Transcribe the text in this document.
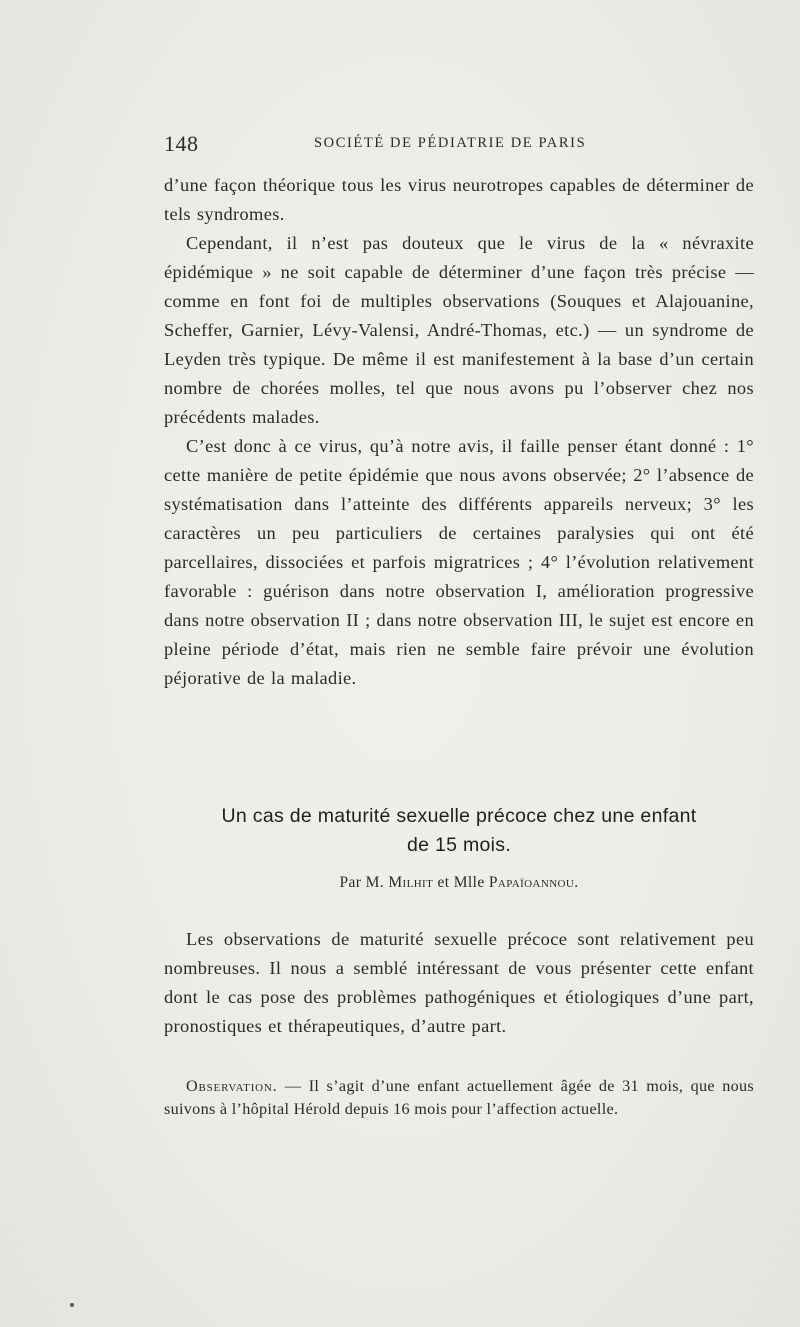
148	SOCIÉTÉ DE PÉDIATRIE DE PARIS

d’une façon théorique tous les virus neurotropes capables de déterminer de tels syndromes.

Cependant, il n’est pas douteux que le virus de la « névraxite épidémique » ne soit capable de déterminer d’une façon très précise — comme en font foi de multiples observations (Souques et Alajouanine, Scheffer, Garnier, Lévy-Valensi, André-Thomas, etc.) — un syndrome de Leyden très typique. De même il est manifestement à la base d’un certain nombre de chorées molles, tel que nous avons pu l’observer chez nos précédents malades.

C’est donc à ce virus, qu’à notre avis, il faille penser étant donné : 1° cette manière de petite épidémie que nous avons observée; 2° l’absence de systématisation dans l’atteinte des différents appareils nerveux; 3° les caractères un peu particuliers de certaines paralysies qui ont été parcellaires, dissociées et parfois migratrices ; 4° l’évolution relativement favorable : guérison dans notre observation I, amélioration progressive dans notre observation II ; dans notre observation III, le sujet est encore en pleine période d’état, mais rien ne semble faire prévoir une évolution péjorative de la maladie.

Un cas de maturité sexuelle précoce chez une enfant
de 15 mois.
Par M. Milhit et Mlle Papaïoannou.

Les observations de maturité sexuelle précoce sont relativement peu nombreuses. Il nous a semblé intéressant de vous présenter cette enfant dont le cas pose des problèmes pathogéniques et étiologiques d’une part, pronostiques et thérapeutiques, d’autre part.

Observation. — Il s’agit d’une enfant actuellement âgée de 31 mois, que nous suivons à l’hôpital Hérold depuis 16 mois pour l’affection actuelle.
